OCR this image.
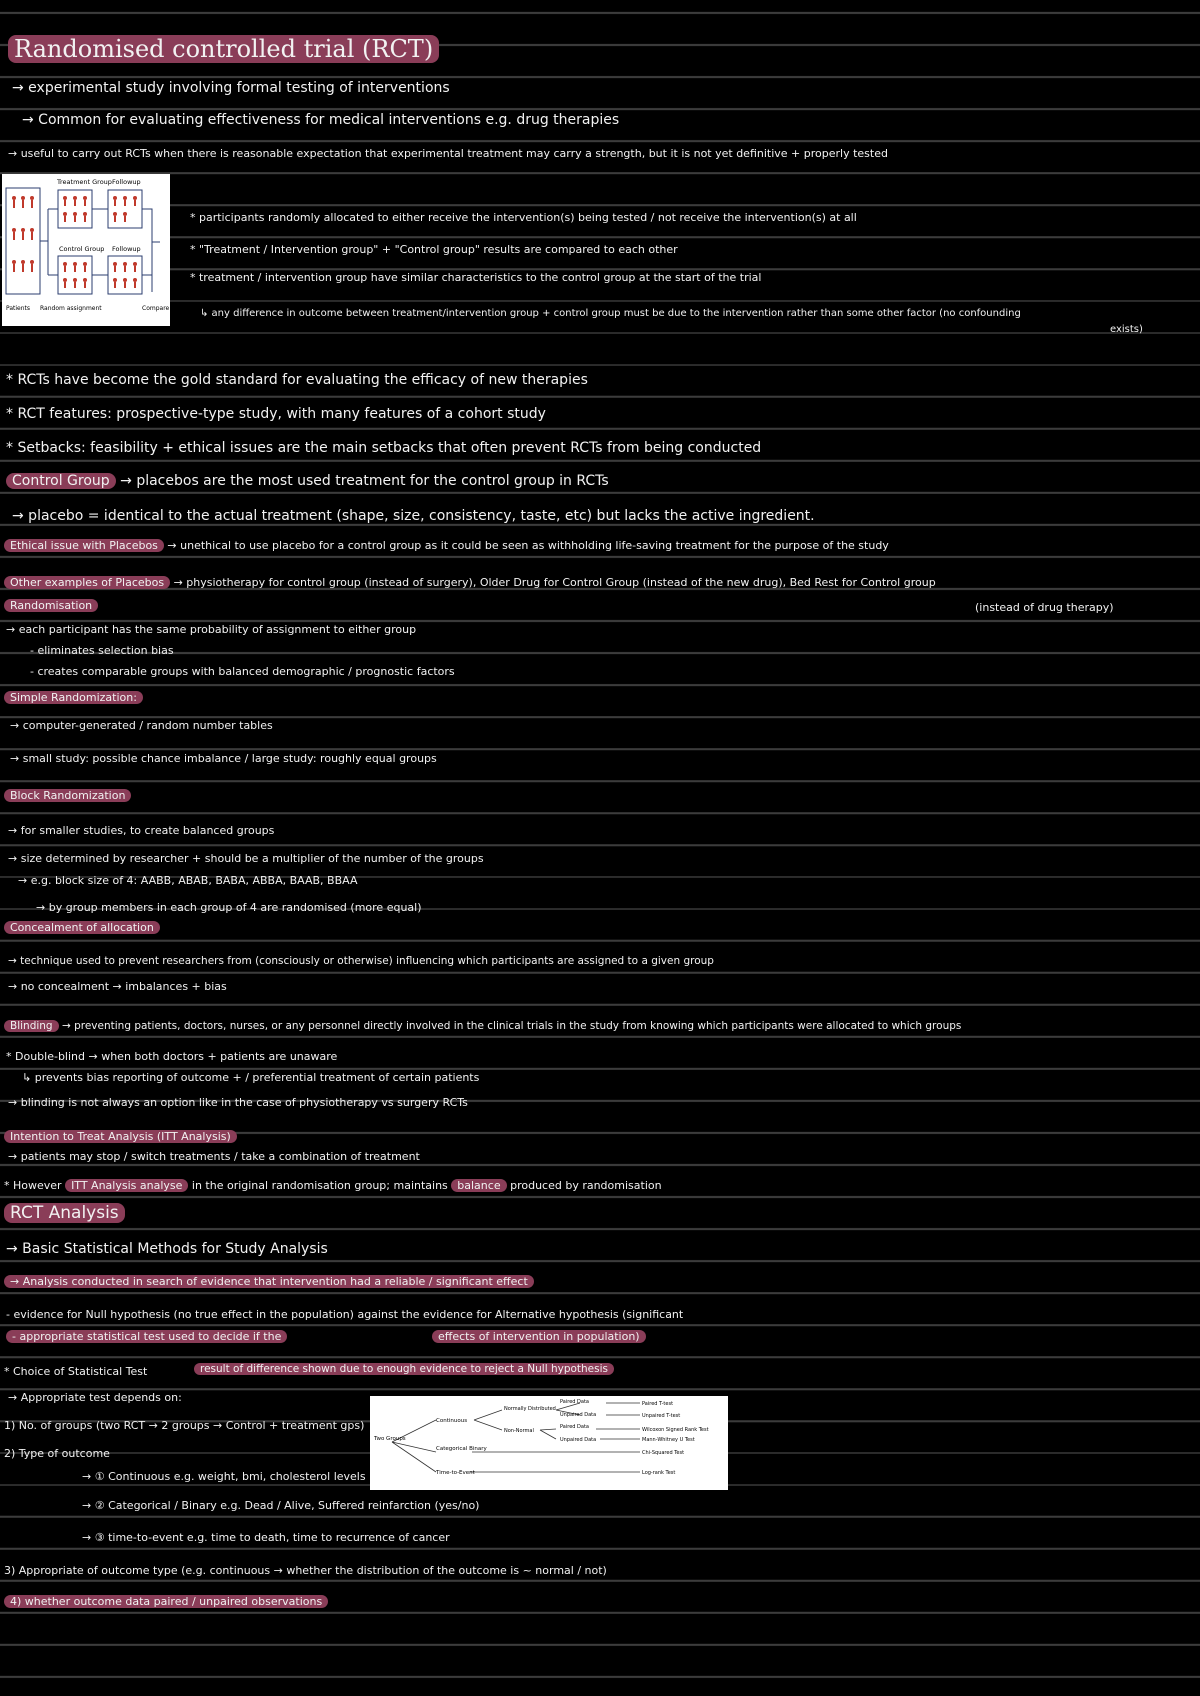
Randomised controlled trial (RCT)
→ experimental study involving formal testing of interventions
→ Common for evaluating effectiveness for medical interventions e.g. drug therapies
→ useful to carry out RCTs when there is reasonable expectation that experimental treatment may carry a strength, but it is not yet definitive + properly tested
Treatment Group Followup
Control Group Followup
Patients Random assignment	Compare results
* participants randomly allocated to either receive the intervention(s) being tested / not receive the intervention(s) at all
* "Treatment / Intervention group" + "Control group" results are compared to each other
* treatment / intervention group have similar characteristics to the control group at the start of the trial
↳ any difference in outcome between treatment/intervention group + control group must be due to the intervention rather than some other factor (no confounding
exists)
* RCTs have become the gold standard for evaluating the efficacy of new therapies
* RCT features: prospective-type study, with many features of a cohort study
* Setbacks: feasibility + ethical issues are the main setbacks that often prevent RCTs from being conducted
Control Group → placebos are the most used treatment for the control group in RCTs
→ placebo = identical to the actual treatment (shape, size, consistency, taste, etc) but lacks the active ingredient.
Ethical issue with Placebos → unethical to use placebo for a control group as it could be seen as withholding life-saving treatment for the purpose of the study
Other examples of Placebos → physiotherapy for control group (instead of surgery), Older Drug for Control Group (instead of the new drug), Bed Rest for Control group
(instead of drug therapy)
Randomisation
→ each participant has the same probability of assignment to either group
- eliminates selection bias
- creates comparable groups with balanced demographic / prognostic factors
Simple Randomization:
→ computer-generated / random number tables
→ small study: possible chance imbalance / large study: roughly equal groups
Block Randomization
→ for smaller studies, to create balanced groups
→ size determined by researcher + should be a multiplier of the number of the groups
→ e.g. block size of 4: AABB, ABAB, BABA, ABBA, BAAB, BBAA
→ by group members in each group of 4 are randomised (more equal)
Concealment of allocation
→ technique used to prevent researchers from (consciously or otherwise) influencing which participants are assigned to a given group
→ no concealment → imbalances + bias
Blinding → preventing patients, doctors, nurses, or any personnel directly involved in the clinical trials in the study from knowing which participants were allocated to which groups
* Double-blind → when both doctors + patients are unaware
↳ prevents bias reporting of outcome + / preferential treatment of certain patients
→ blinding is not always an option like in the case of physiotherapy vs surgery RCTs
Intention to Treat Analysis (ITT Analysis)
→ patients may stop / switch treatments / take a combination of treatment
* However ITT Analysis analyse in the original randomisation group; maintains balance produced by randomisation
RCT Analysis
→ Basic Statistical Methods for Study Analysis
→ Analysis conducted in search of evidence that intervention had a reliable / significant effect
- evidence for Null hypothesis (no true effect in the population) against the evidence for Alternative hypothesis (significant
- appropriate statistical test used to decide if the	effects of intervention in population)
* Choice of Statistical Test	result of difference shown due to enough evidence to reject a Null hypothesis
→ Appropriate test depends on:
1) No. of groups (two RCT → 2 groups → Control + treatment gps)
2) Type of outcome
→ ① Continuous e.g. weight, bmi, cholesterol levels
→ ② Categorical / Binary e.g. Dead / Alive, Suffered reinfarction (yes/no)
→ ③ time-to-event e.g. time to death, time to recurrence of cancer
3) Appropriate of outcome type (e.g. continuous → whether the distribution of the outcome is ~ normal / not)
4) whether outcome data paired / unpaired observations
Two Groups
Continuous
Normally Distributed
Non-Normal
Categorical Binary
Time-to-Event
Paired Data
Unpaired Data
Paired Data
Unpaired Data
Paired T-test
Unpaired T-test
Wilcoxon Signed Rank Test
Mann-Whitney U Test
Chi-Squared Test
Log-rank Test
